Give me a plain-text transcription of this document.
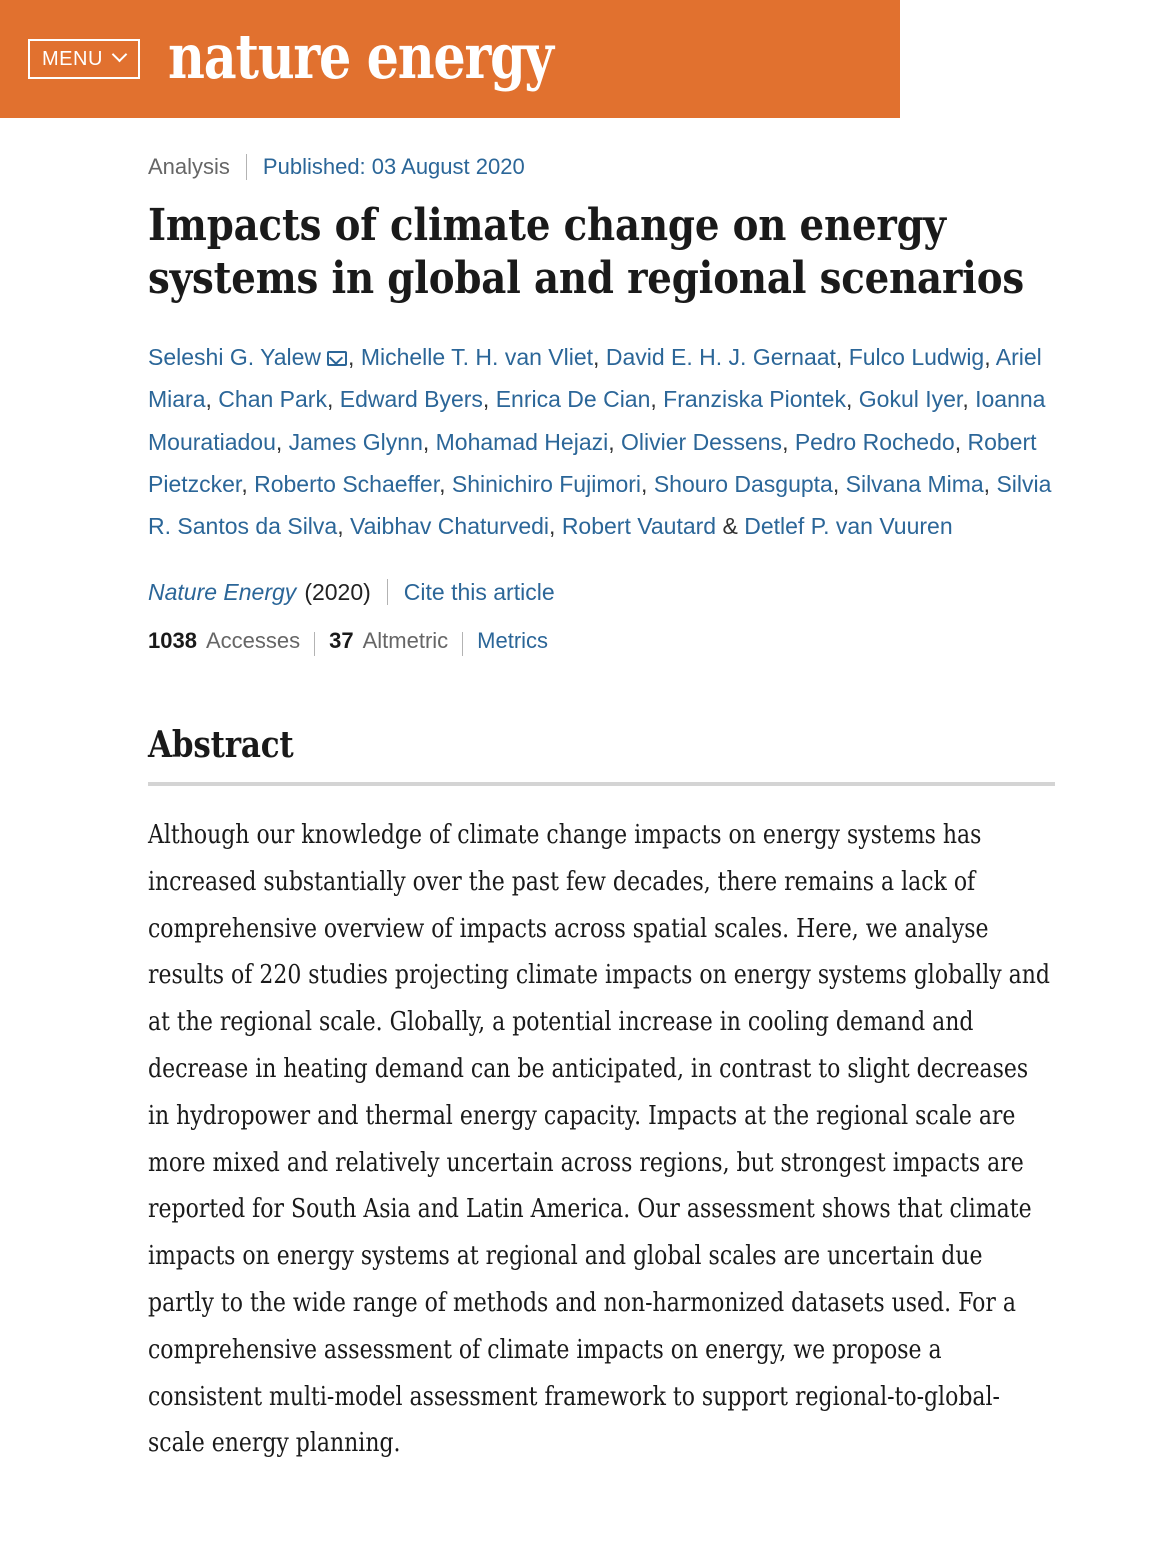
MENU nature energy
Analysis Published: 03 August 2020
Impacts of climate change on energy systems in global and regional scenarios
Seleshi G. Yalew , Michelle T. H. van Vliet, David E. H. J. Gernaat, Fulco Ludwig, Ariel Miara, Chan Park, Edward Byers, Enrica De Cian, Franziska Piontek, Gokul Iyer, Ioanna Mouratiadou, James Glynn, Mohamad Hejazi, Olivier Dessens, Pedro Rochedo, Robert Pietzcker, Roberto Schaeffer, Shinichiro Fujimori, Shouro Dasgupta, Silvana Mima, Silvia R. Santos da Silva, Vaibhav Chaturvedi, Robert Vautard & Detlef P. van Vuuren
Nature Energy (2020) Cite this article
1038 Accesses 37 Altmetric Metrics
Abstract

Although our knowledge of climate change impacts on energy systems has increased substantially over the past few decades, there remains a lack of comprehensive overview of impacts across spatial scales. Here, we analyse results of 220 studies projecting climate impacts on energy systems globally and at the regional scale. Globally, a potential increase in cooling demand and decrease in heating demand can be anticipated, in contrast to slight decreases in hydropower and thermal energy capacity. Impacts at the regional scale are more mixed and relatively uncertain across regions, but strongest impacts are reported for South Asia and Latin America. Our assessment shows that climate impacts on energy systems at regional and global scales are uncertain due partly to the wide range of methods and non-harmonized datasets used. For a comprehensive assessment of climate impacts on energy, we propose a consistent multi-model assessment framework to support regional-to-global-scale energy planning.
